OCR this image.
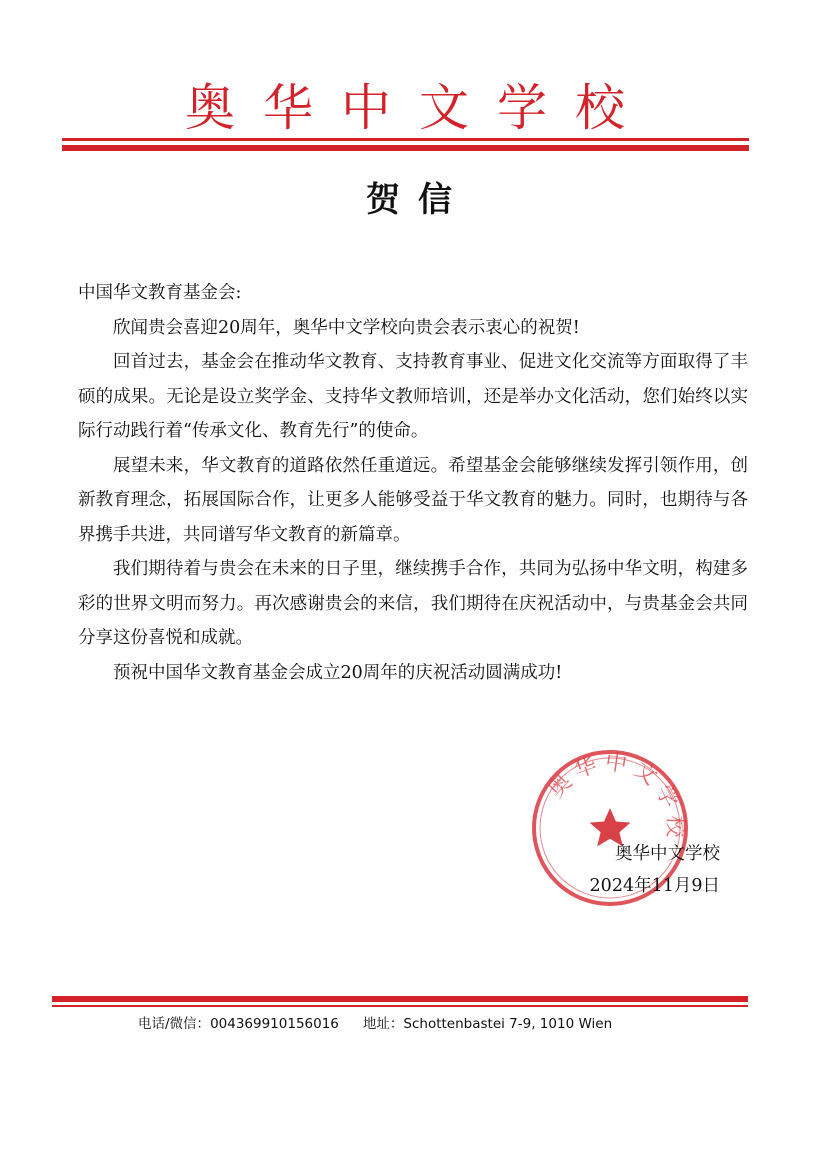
奥华中文学校
贺信

中国华文教育基金会:

欣闻贵会喜迎20周年，奥华中文学校向贵会表示衷心的祝贺!

回首过去，基金会在推动华文教育、支持教育事业、促进文化交流等方面取得了丰硕的成果。无论是设立奖学金、支持华文教师培训，还是举办文化活动，您们始终以实际行动践行着“传承文化、教育先行”的使命。

展望未来，华文教育的道路依然任重道远。希望基金会能够继续发挥引领作用，创新教育理念，拓展国际合作，让更多人能够受益于华文教育的魅力。同时，也期待与各界携手共进，共同谱写华文教育的新篇章。

我们期待着与贵会在未来的日子里，继续携手合作，共同为弘扬中华文明，构建多彩的世界文明而努力。再次感谢贵会的来信，我们期待在庆祝活动中，与贵基金会共同分享这份喜悦和成就。

预祝中国华文教育基金会成立20周年的庆祝活动圆满成功!

奥华中文学校
奥华中文学校
2024年11月9日
电话/微信：004369910156016 地址：Schottenbastei 7-9, 1010 Wien
